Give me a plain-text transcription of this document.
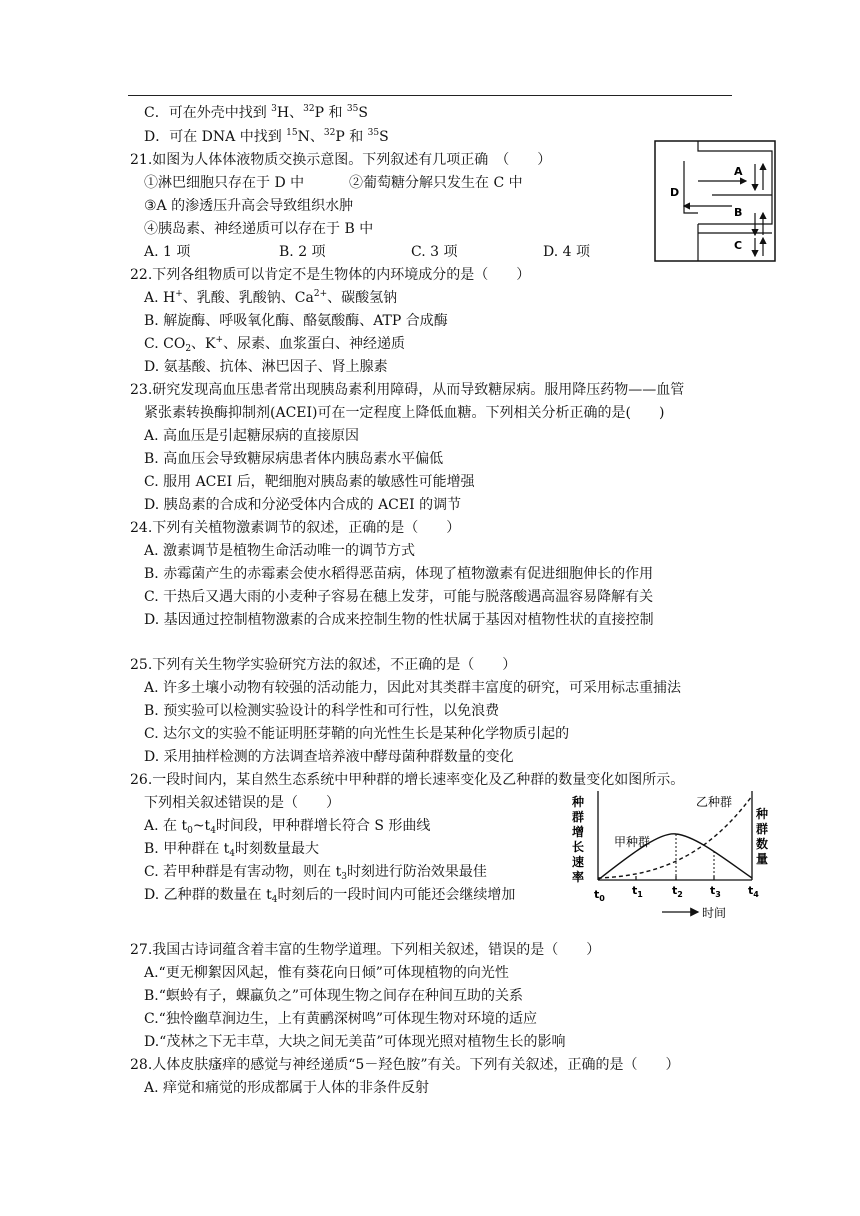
C．可在外壳中找到 $^3$H、$^{32}$P 和 $^{35}$S
D．可在 DNA 中找到 $^{15}$N、$^{32}$P 和 $^{35}$S
21.如图为人体体液物质交换示意图。下列叙述有几项正确　（　　）
①淋巴细胞只存在于 D 中	②葡萄糖分解只发生在 C 中
③A 的渗透压升高会导致组织水肿
④胰岛素、神经递质可以存在于 B 中
A. 1 项	B. 2 项	C. 3 项	D. 4 项
A
D
B
C
22.下列各组物质可以肯定不是生物体的内环境成分的是（　　）
A. H+、乳酸、乳酸钠、$Ca^{2+}$、碳酸氢钠
B. 解旋酶、呼吸氧化酶、酪氨酸酶、ATP 合成酶
C. $CO_2$、K+、尿素、血浆蛋白、神经递质
D. 氨基酸、抗体、淋巴因子、肾上腺素
23.研究发现高血压患者常出现胰岛素利用障碍，从而导致糖尿病。服用降压药物——血管
紧张素转换酶抑制剂(ACEI)可在一定程度上降低血糖。下列相关分析正确的是(　　)
A. 高血压是引起糖尿病的直接原因
B. 高血压会导致糖尿病患者体内胰岛素水平偏低
C. 服用 ACEI 后，靶细胞对胰岛素的敏感性可能增强
D. 胰岛素的合成和分泌受体内合成的 ACEI 的调节
24.下列有关植物激素调节的叙述，正确的是（　　）
A. 激素调节是植物生命活动唯一的调节方式
B. 赤霉菌产生的赤霉素会使水稻得恶苗病，体现了植物激素有促进细胞伸长的作用
C. 干热后又遇大雨的小麦种子容易在穗上发芽，可能与脱落酸遇高温容易降解有关
D. 基因通过控制植物激素的合成来控制生物的性状属于基因对植物性状的直接控制
25.下列有关生物学实验研究方法的叙述，不正确的是（　　）
A. 许多土壤小动物有较强的活动能力，因此对其类群丰富度的研究，可采用标志重捕法
B. 预实验可以检测实验设计的科学性和可行性，以免浪费
C. 达尔文的实验不能证明胚芽鞘的向光性生长是某种化学物质引起的
D. 采用抽样检测的方法调查培养液中酵母菌种群数量的变化
26.一段时间内，某自然生态系统中甲种群的增长速率变化及乙种群的数量变化如图所示。
下列相关叙述错误的是（　　）
A. 在 $t_0\sim t_4$时间段，甲种群增长符合 S 形曲线
B. 甲种群在 $t_4$时刻数量最大
C. 若甲种群是有害动物，则在 $t_3$时刻进行防治效果最佳
D. 乙种群的数量在 $t_4$时刻后的一段时间内可能还会继续增加
种
群
增
长
速
率
种
群
数
量
甲种群
乙种群
$t_0$
$t_1$	$t_2$ $t_3$ $t_4$
时间
27.我国古诗词蕴含着丰富的生物学道理。下列相关叙述，错误的是（　　）
A.“更无柳絮因风起，惟有葵花向日倾”可体现植物的向光性
B.“螟蛉有子，蜾蠃负之”可体现生物之间存在种间互助的关系
C.“独怜幽草涧边生，上有黄鹂深树鸣”可体现生物对环境的适应
D.“茂林之下无丰草，大块之间无美苗”可体现光照对植物生长的影响
28.人体皮肤瘙痒的感觉与神经递质“5－羟色胺”有关。下列有关叙述，正确的是（　　）
A. 痒觉和痛觉的形成都属于人体的非条件反射
